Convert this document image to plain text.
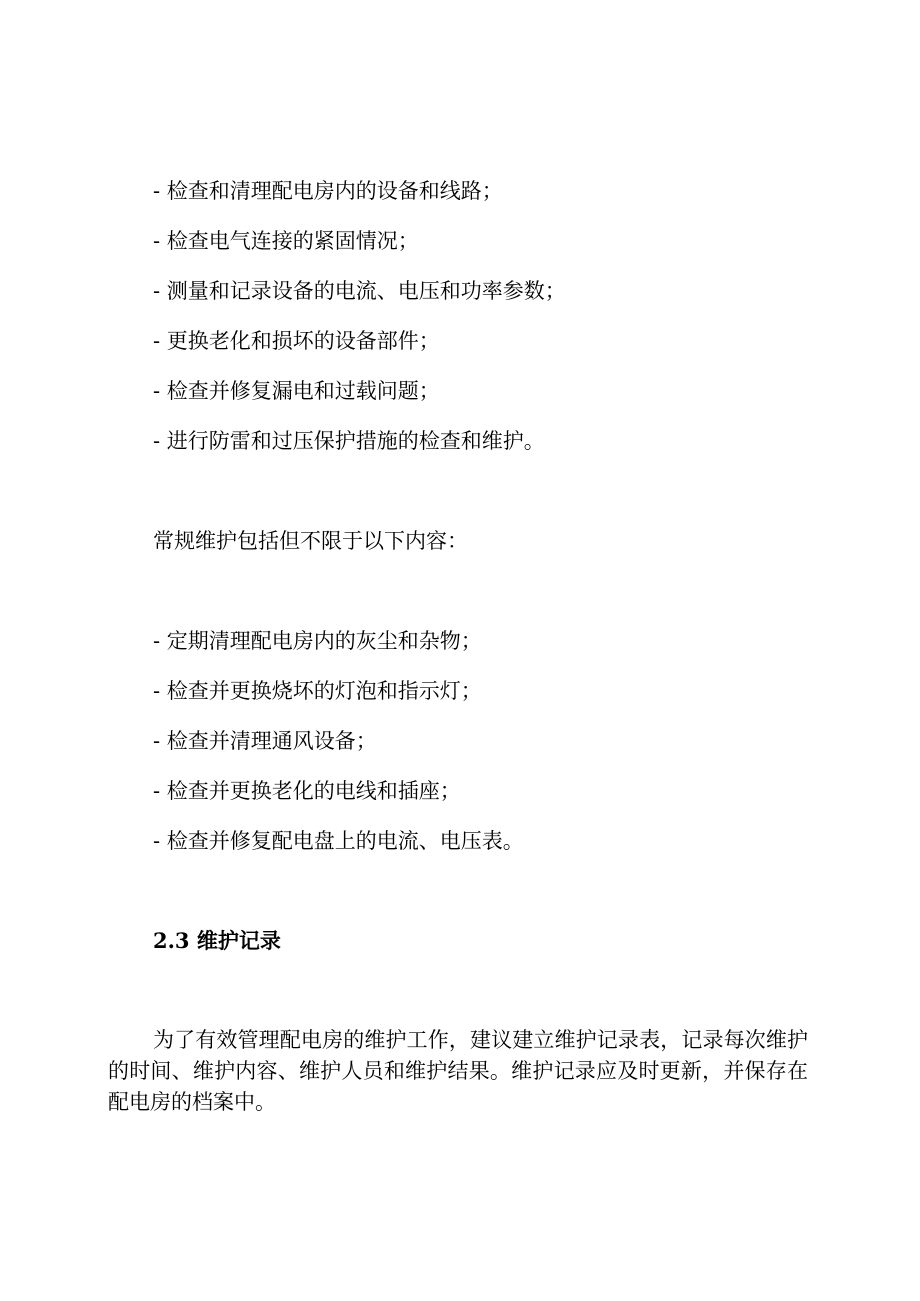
- 检查和清理配电房内的设备和线路；
- 检查电气连接的紧固情况；
- 测量和记录设备的电流、电压和功率参数；
- 更换老化和损坏的设备部件；
- 检查并修复漏电和过载问题；
- 进行防雷和过压保护措施的检查和维护。
常规维护包括但不限于以下内容：
- 定期清理配电房内的灰尘和杂物；
- 检查并更换烧坏的灯泡和指示灯；
- 检查并清理通风设备；
- 检查并更换老化的电线和插座；
- 检查并修复配电盘上的电流、电压表。
2.3 维护记录
为了有效管理配电房的维护工作，建议建立维护记录表，记录每次维护的时间、维护内容、维护人员和维护结果。维护记录应及时更新，并保存在配电房的档案中。
